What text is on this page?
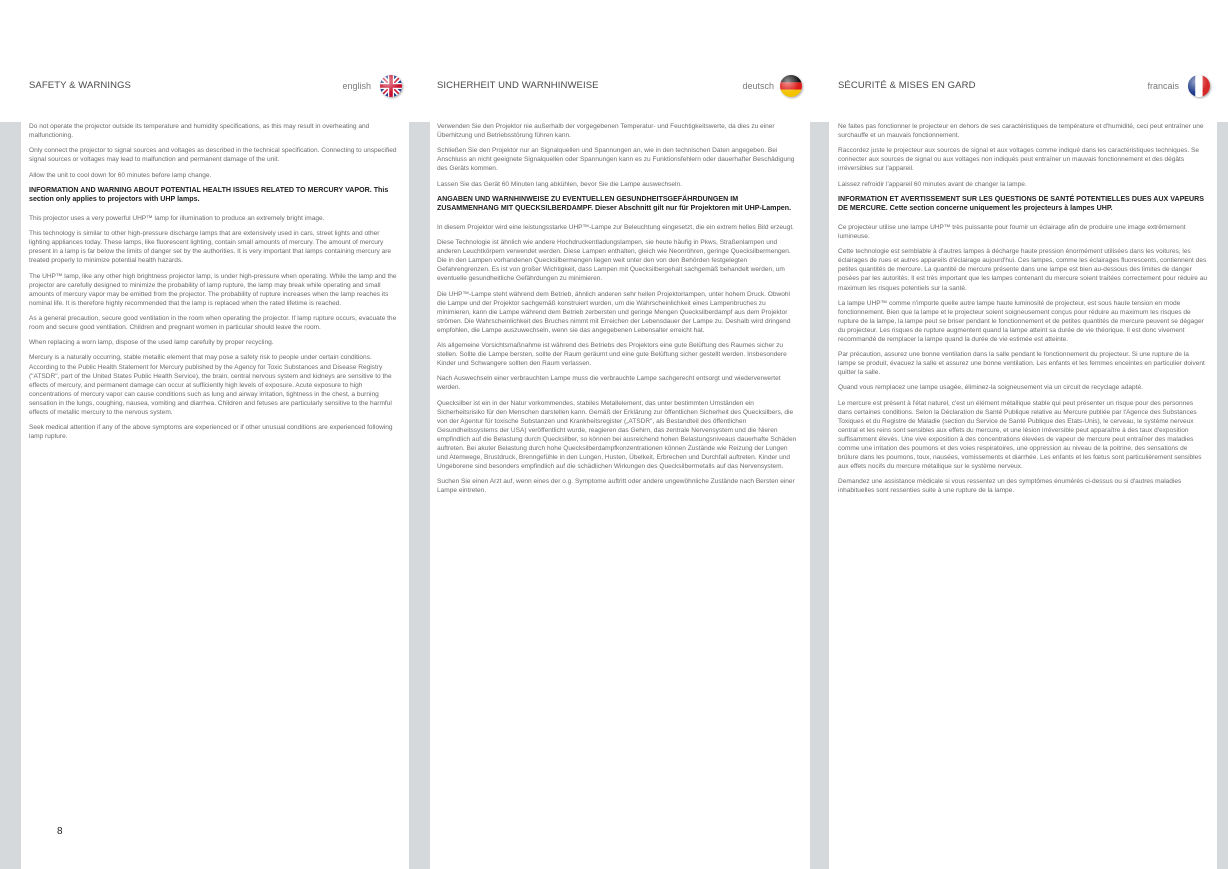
SAFETY & WARNINGS	english	SICHERHEIT UND WARNHINWEISE	deutsch	SÉCURITÉ & MISES EN GARD	francais

Do not operate the projector outside its temperature and humidity specifications, as this may result in overheating and malfunctioning.

Only connect the projector to signal sources and voltages as described in the technical specification. Connecting to unspecified signal sources or voltages may lead to malfunction and permanent damage of the unit.

Allow the unit to cool down for 60 minutes before lamp change.

INFORMATION AND WARNING ABOUT POTENTIAL HEALTH ISSUES RELATED TO MERCURY VAPOR. This section only applies to projectors with UHP lamps.

This projector uses a very powerful UHP™ lamp for illumination to produce an extremely bright image.

This technology is similar to other high-pressure discharge lamps that are extensively used in cars, street lights and other lighting appliances today. These lamps, like fluorescent lighting, contain small amounts of mercury. The amount of mercury present in a lamp is far below the limits of danger set by the authorities. It is very important that lamps containing mercury are treated properly to minimize potential health hazards.

The UHP™ lamp, like any other high brightness projector lamp, is under high-pressure when operating. While the lamp and the projector are carefully designed to minimize the probability of lamp rupture, the lamp may break while operating and small amounts of mercury vapor may be emitted from the projector. The probability of rupture increases when the lamp reaches its nominal life. It is therefore highly recommended that the lamp is replaced when the rated lifetime is reached.

As a general precaution, secure good ventilation in the room when operating the projector. If lamp rupture occurs, evacuate the room and secure good ventilation. Children and pregnant women in particular should leave the room.

When replacing a worn lamp, dispose of the used lamp carefully by proper recycling.

Mercury is a naturally occurring, stable metallic element that may pose a safety risk to people under certain conditions. According to the Public Health Statement for Mercury published by the Agency for Toxic Substances and Disease Registry ("ATSDR", part of the United States Public Health Service), the brain, central nervous system and kidneys are sensitive to the effects of mercury, and permanent damage can occur at sufficiently high levels of exposure. Acute exposure to high concentrations of mercury vapor can cause conditions such as lung and airway irritation, tightness in the chest, a burning sensation in the lungs, coughing, nausea, vomiting and diarrhea. Children and fetuses are particularly sensitive to the harmful effects of metallic mercury to the nervous system.

Seek medical attention if any of the above symptoms are experienced or if other unusual conditions are experienced following lamp rupture.

Verwenden Sie den Projektor nie außerhalb der vorgegebenen Temperatur- und Feuchtigkeitswerte, da dies zu einer Überhitzung und Betriebsstörung führen kann.

Schließen Sie den Projektor nur an Signalquellen und Spannungen an, wie in den technischen Daten angegeben. Bei Anschluss an nicht geeignete Signalquellen oder Spannungen kann es zu Funktionsfehlern oder dauerhafter Beschädigung des Geräts kommen.

Lassen Sie das Gerät 60 Minuten lang abkühlen, bevor Sie die Lampe auswechseln.

ANGABEN UND WARNHINWEISE ZU EVENTUELLEN GESUNDHEITSGEFÄHRDUNGEN IM ZUSAMMENHANG MIT QUECKSILBERDAMPF. Dieser Abschnitt gilt nur für Projektoren mit UHP-Lampen.

In diesem Projektor wird eine leistungsstarke UHP™-Lampe zur Beleuchtung eingesetzt, die ein extrem helles Bild erzeugt.

Diese Technologie ist ähnlich wie andere Hochdruckentladungslampen, sie heute häufig in Pkws, Straßenlampen und anderen Leuchtkörpern verwendet werden. Diese Lampen enthalten, gleich wie Neonröhren, geringe Quecksilbermengen. Die in den Lampen vorhandenen Quecksilbermengen liegen weit unter den von den Behörden festgelegten Gefahrengrenzen. Es ist von großer Wichtigkeit, dass Lampen mit Quecksilbergehalt sachgemäß behandelt werden, um eventuelle gesundheitliche Gefährdungen zu minimieren.

Die UHP™-Lampe steht während dem Betrieb, ähnlich anderen sehr hellen Projektorlampen, unter hohem Druck. Obwohl die Lampe und der Projektor sachgemäß konstruiert wurden, um die Wahrscheinlichkeit eines Lampenbruches zu minimieren, kann die Lampe während dem Betrieb zerbersten und geringe Mengen Quecksilberdampf aus dem Projektor strömen. Die Wahrscheinlichkeit des Bruches nimmt mit Erreichen der Lebensdauer der Lampe zu. Deshalb wird dringend empfohlen, die Lampe auszuwechseln, wenn sie das angegebenen Lebensalter erreicht hat.

Als allgemeine Vorsichtsmaßnahme ist während des Betriebs des Projektors eine gute Belüftung des Raumes sicher zu stellen. Sollte die Lampe bersten, sollte der Raum geräumt und eine gute Belüftung sicher gestellt werden. Insbesondere Kinder und Schwangere sollten den Raum verlassen.

Nach Auswechseln einer verbrauchten Lampe muss die verbrauchte Lampe sachgerecht entsorgt und wiederverwertet werden.

Quecksilber ist ein in der Natur vorkommendes, stabiles Metallelement, das unter bestimmten Umständen ein Sicherheitsrisiko für den Menschen darstellen kann. Gemäß der Erklärung zur öffentlichen Sicherheit des Quecksilbers, die von der Agentur für toxische Substanzen und Krankheitsregister („ATSDR", als Bestandteil des öffentlichen Gesundheitssystems der USA) veröffentlicht wurde, reagieren das Gehirn, das zentrale Nervensystem und die Nieren empfindlich auf die Belastung durch Quecksilber, so können bei ausreichend hohen Belastungsniveaus dauerhafte Schäden auftreten. Bei akuter Belastung durch hohe Quecksilberdampfkonzentrationen können Zustände wie Reizung der Lungen und Atemwege, Brustdruck, Brenngefühle in den Lungen, Husten, Übelkeit, Erbrechen und Durchfall auftreten. Kinder und Ungeborene sind besonders empfindlich auf die schädlichen Wirkungen des Quecksilbermetalls auf das Nervensystem.

Suchen Sie einen Arzt auf, wenn eines der o.g. Symptome auftritt oder andere ungewöhnliche Zustände nach Bersten einer Lampe eintreten.

Ne faites pas fonctionner le projecteur en dehors de ses caractéristiques de température et d'humidité, ceci peut entraîner une surchauffe et un mauvais fonctionnement.

Raccordez juste le projecteur aux sources de signal et aux voltages comme indiqué dans les caractéristiques techniques. Se connecter aux sources de signal ou aux voltages non indiqués peut entraîner un mauvais fonctionnement et des dégâts irréversibles sur l'appareil.

Laissez refroidir l'appareil 60 minutes avant de changer la lampe.

INFORMATION ET AVERTISSEMENT SUR LES QUESTIONS DE SANTÉ POTENTIELLES DUES AUX VAPEURS DE MERCURE. Cette section concerne uniquement les projecteurs à lampes UHP.

Ce projecteur utilise une lampe UHP™ très puissante pour fournir un éclairage afin de produire une image extrêmement lumineuse.

Cette technologie est semblable à d'autres lampes à décharge haute pression énormément utilisées dans les voitures, les éclairages de rues et autres appareils d'éclairage aujourd'hui. Ces lampes, comme les éclairages fluorescents, contiennent des petites quantités de mercure. La quantité de mercure présente dans une lampe est bien au-dessous des limites de danger posées par les autorités. Il est très important que les lampes contenant du mercure soient traitées correctement pour réduire au maximum les risques potentiels sur la santé.

La lampe UHP™ comme n'importe quelle autre lampe haute luminosité de projecteur, est sous haute tension en mode fonctionnement. Bien que la lampe et le projecteur soient soigneusement conçus pour réduire au maximum les risques de rupture de la lampe, la lampe peut se briser pendant le fonctionnement et de petites quantités de mercure peuvent se dégager du projecteur. Les risques de rupture augmentent quand la lampe atteint sa durée de vie théorique. Il est donc vivement recommandé de remplacer la lampe quand la durée de vie estimée est atteinte.

Par précaution, assurez une bonne ventilation dans la salle pendant le fonctionnement du projecteur. Si une rupture de la lampe se produit, évacuez la salle et assurez une bonne ventilation. Les enfants et les femmes enceintes en particulier doivent quitter la salle.

Quand vous remplacez une lampe usagée, éliminez-la soigneusement via un circuit de recyclage adapté.

Le mercure est présent à l'état naturel, c'est un élément métallique stable qui peut présenter un risque pour des personnes dans certaines conditions. Selon la Déclaration de Santé Publique relative au Mercure publiée par l'Agence des Substances Toxiques et du Registre de Maladie (section du Service de Santé Publique des Etats-Unis), le cerveau, le système nerveux central et les reins sont sensibles aux effets du mercure, et une lésion irréversible peut apparaître à des taux d'exposition suffisamment élevés. Une vive exposition à des concentrations élevées de vapeur de mercure peut entraîner des maladies comme une irritation des poumons et des voies respiratoires, une oppression au niveau de la poitrine, des sensations de brûlure dans les poumons, toux, nausées, vomissements et diarrhée. Les enfants et les fœtus sont particulièrement sensibles aux effets nocifs du mercure métallique sur le système nerveux.

Demandez une assistance médicale si vous ressentez un des symptômes énumérés ci-dessus ou si d'autres maladies inhabituelles sont ressenties suite à une rupture de la lampe.

8
